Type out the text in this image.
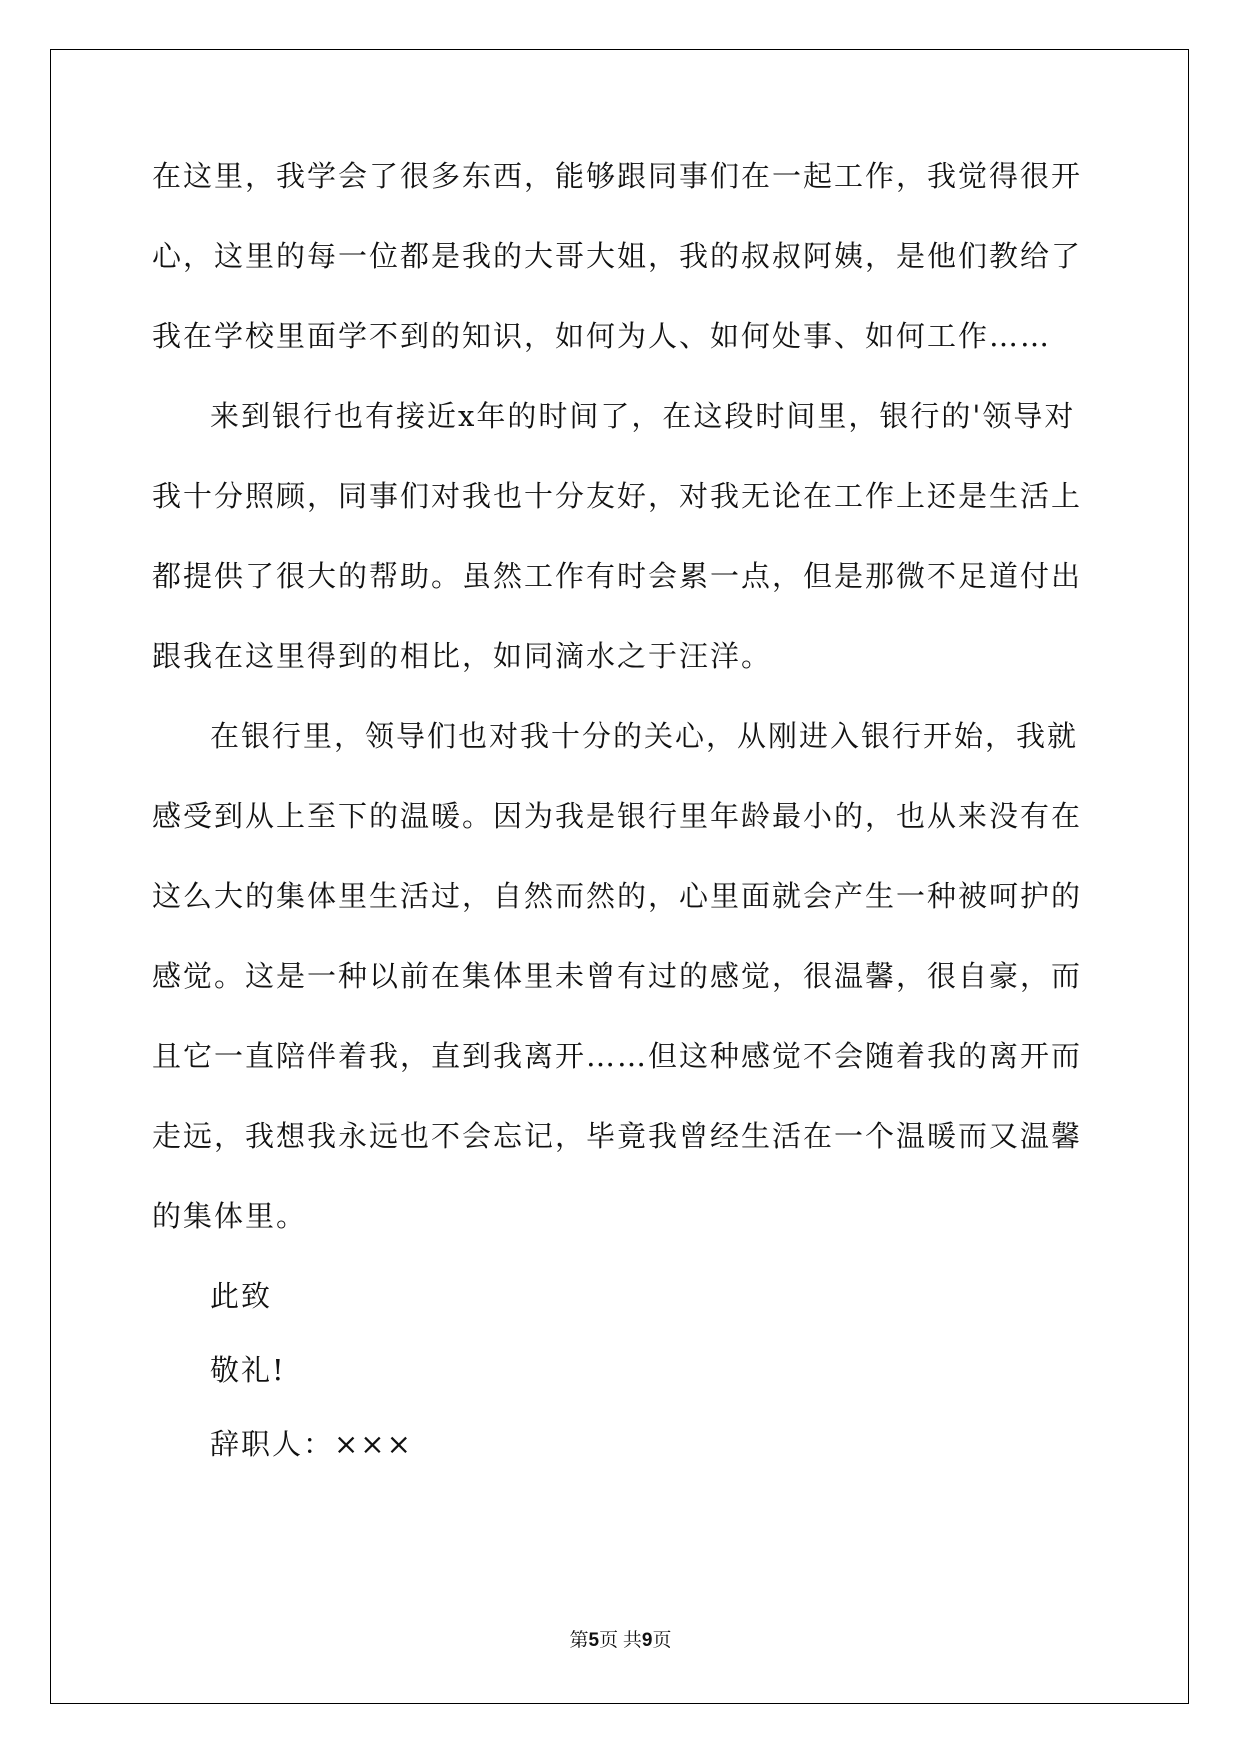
在这里，我学会了很多东西，能够跟同事们在一起工作，我觉得很开
心，这里的每一位都是我的大哥大姐，我的叔叔阿姨，是他们教给了
我在学校里面学不到的知识，如何为人、如何处事、如何工作……
来到银行也有接近x年的时间了，在这段时间里，银行的'领导对
我十分照顾，同事们对我也十分友好，对我无论在工作上还是生活上
都提供了很大的帮助。虽然工作有时会累一点，但是那微不足道付出
跟我在这里得到的相比，如同滴水之于汪洋。
在银行里，领导们也对我十分的关心，从刚进入银行开始，我就
感受到从上至下的温暖。因为我是银行里年龄最小的，也从来没有在
这么大的集体里生活过，自然而然的，心里面就会产生一种被呵护的
感觉。这是一种以前在集体里未曾有过的感觉，很温馨，很自豪，而
且它一直陪伴着我，直到我离开……但这种感觉不会随着我的离开而
走远，我想我永远也不会忘记，毕竟我曾经生活在一个温暖而又温馨
的集体里。
此致
敬礼!
辞职人：×××
第5页 共9页
